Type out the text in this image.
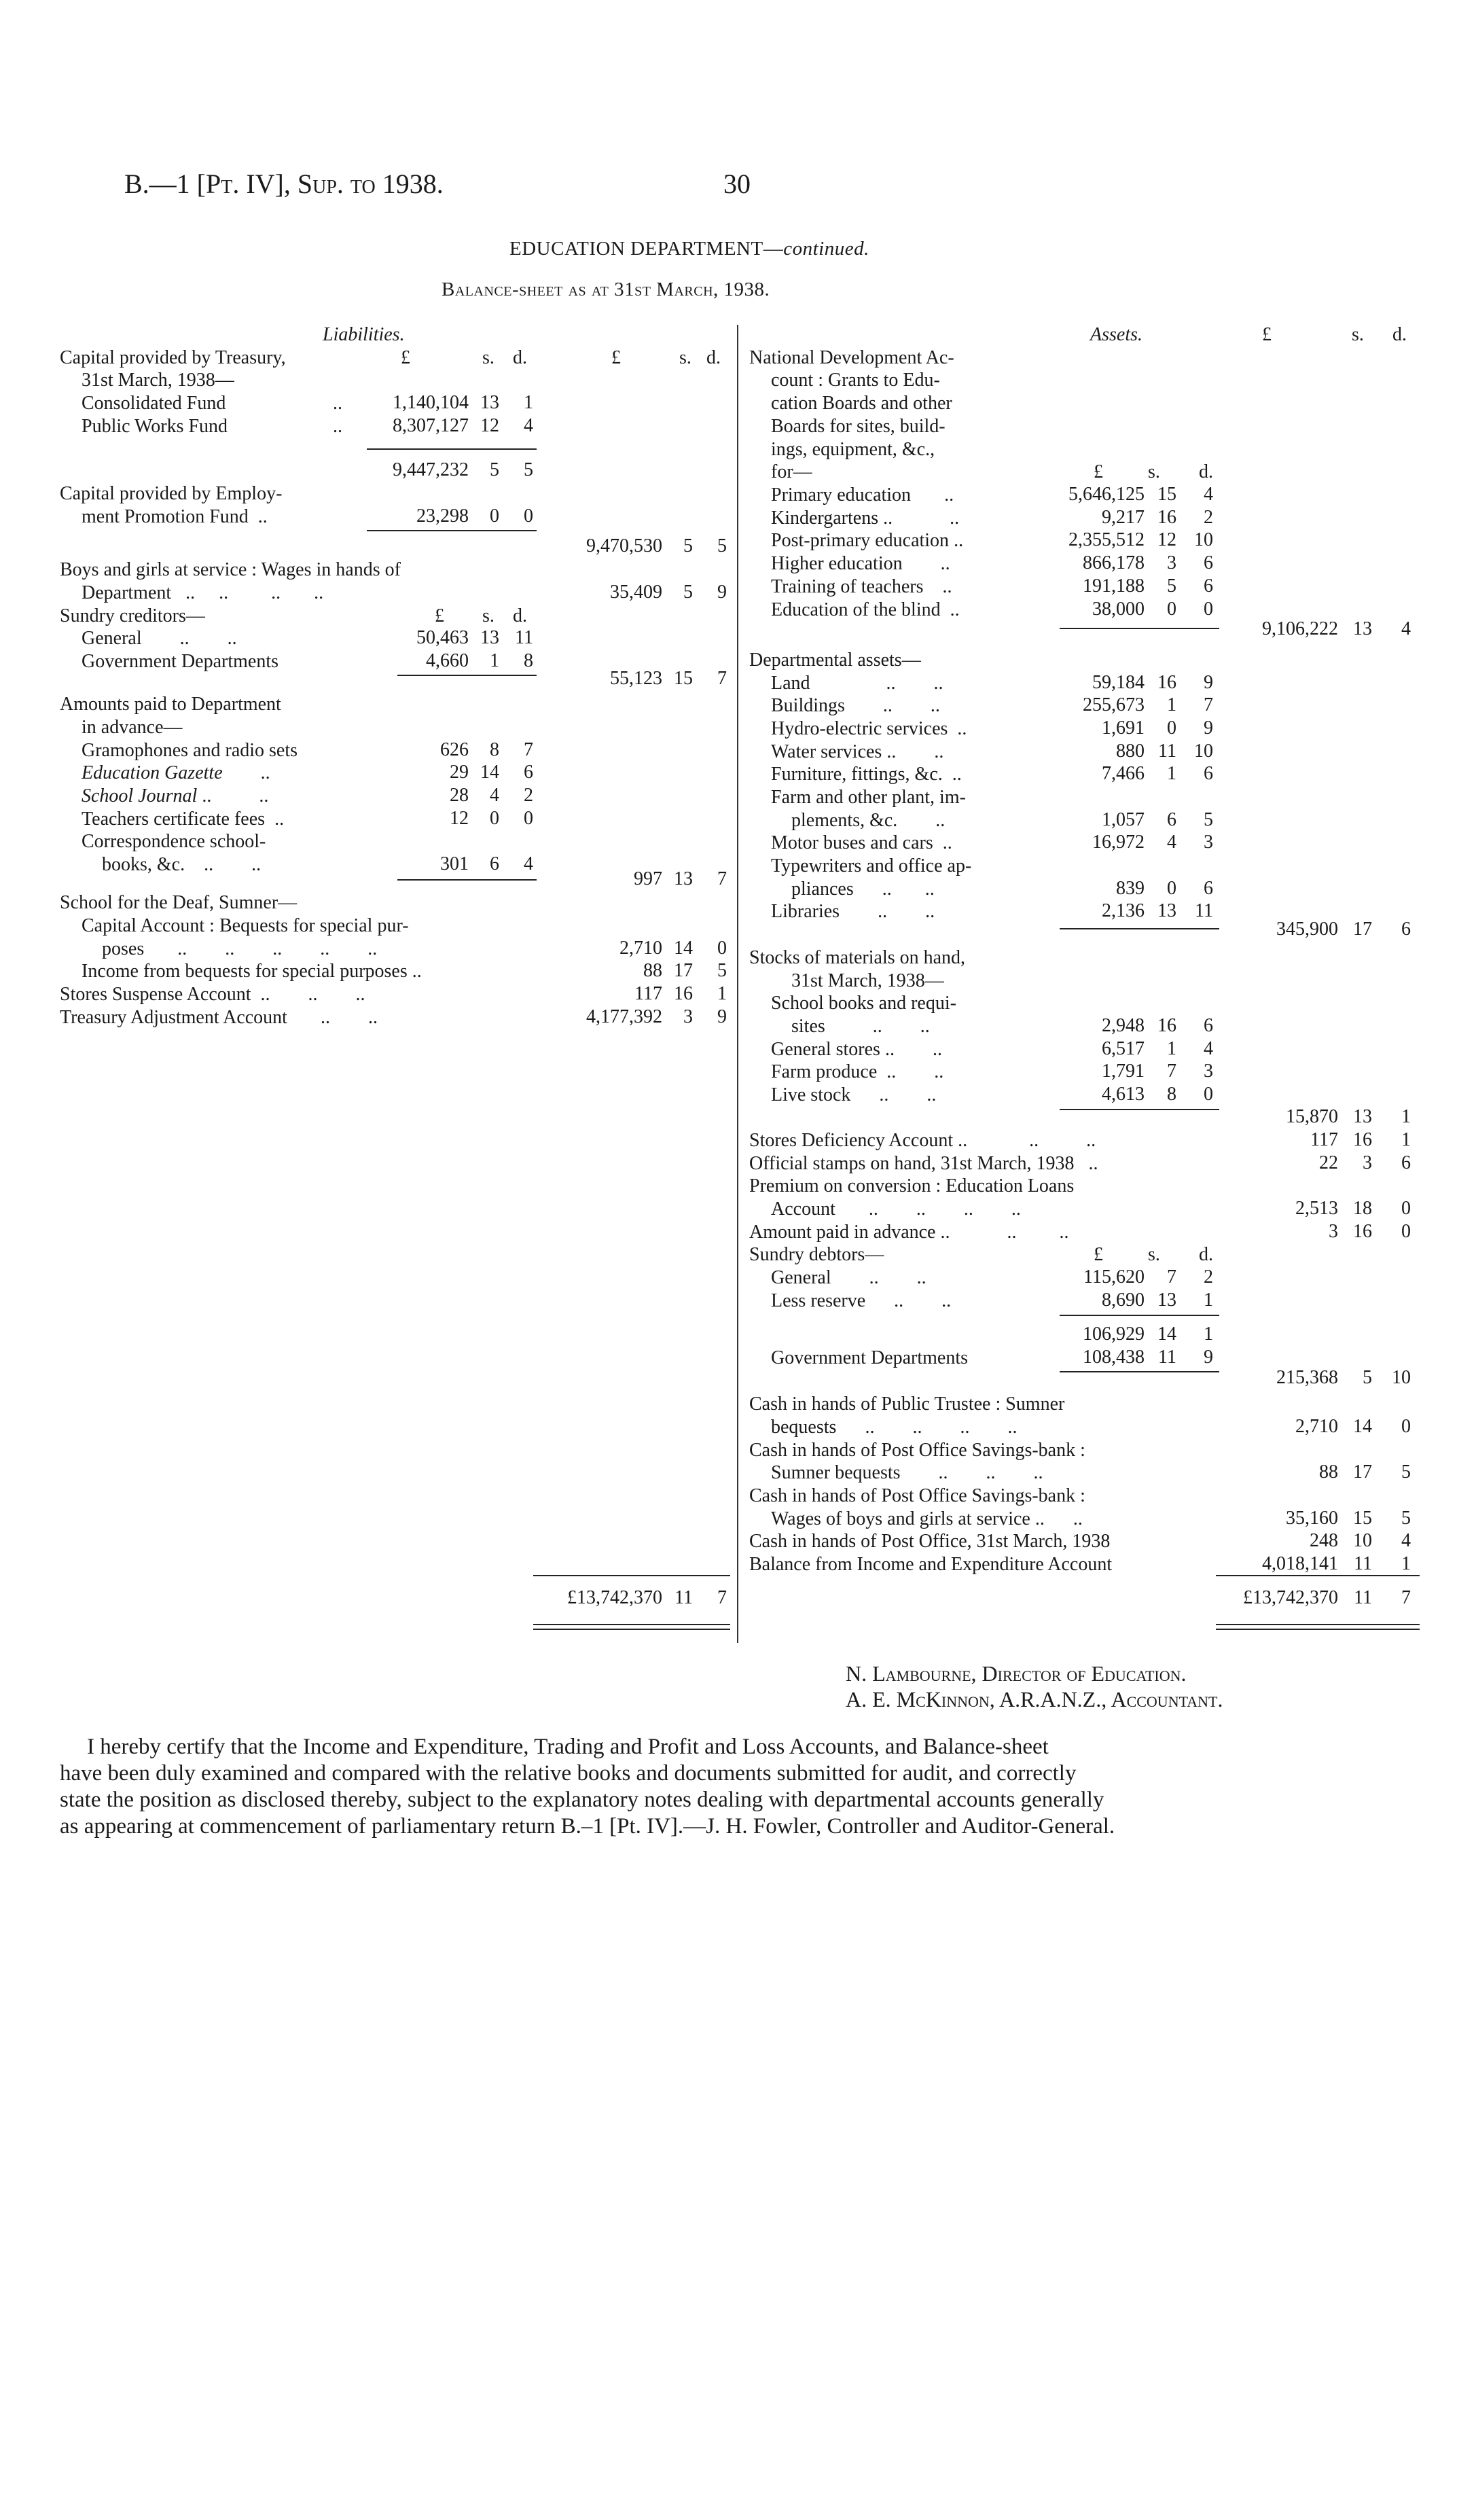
B.—1 [Pt. IV], Sup. to 1938.	30
EDUCATION DEPARTMENT—continued.
Balance-sheet as at 31st March, 1938.
Liabilities.
£	s. d.	£	s. d.
Capital provided by Treasury,
31st March, 1938—
Consolidated Fund	..	1,140,104 13	1
Public Works Fund	..	8,307,127 12	4
9,447,232	5	5
Capital provided by Employ-
ment Promotion Fund  ..	23,298	0	0
9,470,530	5	5
Boys and girls at service : Wages in hands of
Department   ..     ..         ..       ..	35,409	5	9
Sundry creditors—	£ s. d.
General        ..        ..	50,463 13 11
Government Departments	4,660	1	8
55,123 15	7
Amounts paid to Department
in advance—
Gramophones and radio sets	626	8	7
Education Gazette        ..	29 14	6
School Journal ..          ..	28	4	2
Teachers certificate fees  ..	12	0	0
Correspondence school-
books, &c.    ..        ..	301	6	4
997 13	7
School for the Deaf, Sumner—
Capital Account : Bequests for special pur-
poses       ..        ..        ..        ..        ..	2,710 14	0
Income from bequests for special purposes ..	88 17	5
Stores Suspense Account  ..        ..        ..	117 16	1
Treasury Adjustment Account       ..        ..	4,177,392	3	9
£13,742,370 11	7
Assets.	£	s. d.
National Development Ac-
count : Grants to Edu-
cation Boards and other
Boards for sites, build-
ings, equipment, &c.,
for—	£ s. d.
Primary education       ..	5,646,125 15	4
Kindergartens ..            ..	9,217 16	2
Post-primary education ..	2,355,512 12 10
Higher education        ..	866,178	3	6
Training of teachers    ..	191,188	5	6
Education of the blind  ..	38,000	0	0
9,106,222 13	4
Departmental assets—
Land                ..        ..	59,184 16	9
Buildings        ..        ..	255,673	1	7
Hydro-electric services  ..	1,691	0	9
Water services ..        ..	880 11 10
Furniture, fittings, &c.  ..	7,466	1	6
Farm and other plant, im-
plements, &c.        ..	1,057	6	5
Motor buses and cars  ..	16,972	4	3
Typewriters and office ap-
pliances      ..       ..	839	0	6
Libraries        ..        ..	2,136 13 11
345,900 17	6
Stocks of materials on hand,
31st March, 1938—
School books and requi-
sites          ..        ..	2,948 16	6
General stores ..        ..	6,517	1	4
Farm produce  ..        ..	1,791	7	3
Live stock      ..        ..	4,613	8	0
15,870 13	1
Stores Deficiency Account ..             ..          ..	117 16	1
Official stamps on hand, 31st March, 1938   ..	22	3	6
Premium on conversion : Education Loans
Account       ..        ..        ..        ..	2,513 18	0
Amount paid in advance ..            ..         ..	3 16	0
Sundry debtors—	£ s. d.
General        ..        ..	115,620	7	2
Less reserve      ..        ..	8,690 13	1
106,929 14	1
Government Departments	108,438 11	9
215,368	5	10
Cash in hands of Public Trustee : Sumner
bequests      ..        ..        ..        ..	2,710 14	0
Cash in hands of Post Office Savings-bank :
Sumner bequests        ..        ..        ..	88 17	5
Cash in hands of Post Office Savings-bank :
Wages of boys and girls at service ..      ..	35,160 15	5
Cash in hands of Post Office, 31st March, 1938	248 10	4
Balance from Income and Expenditure Account	4,018,141 11	1
£13,742,370 11	7
N. Lambourne, Director of Education.
A. E. McKinnon, A.R.A.N.Z., Accountant.
I hereby certify that the Income and Expenditure, Trading and Profit and Loss Accounts, and Balance-sheet
have been duly examined and compared with the relative books and documents submitted for audit, and correctly
state the position as disclosed thereby, subject to the explanatory notes dealing with departmental accounts generally
as appearing at commencement of parliamentary return B.–1 [Pt. IV].—J. H. Fowler, Controller and Auditor-General.
